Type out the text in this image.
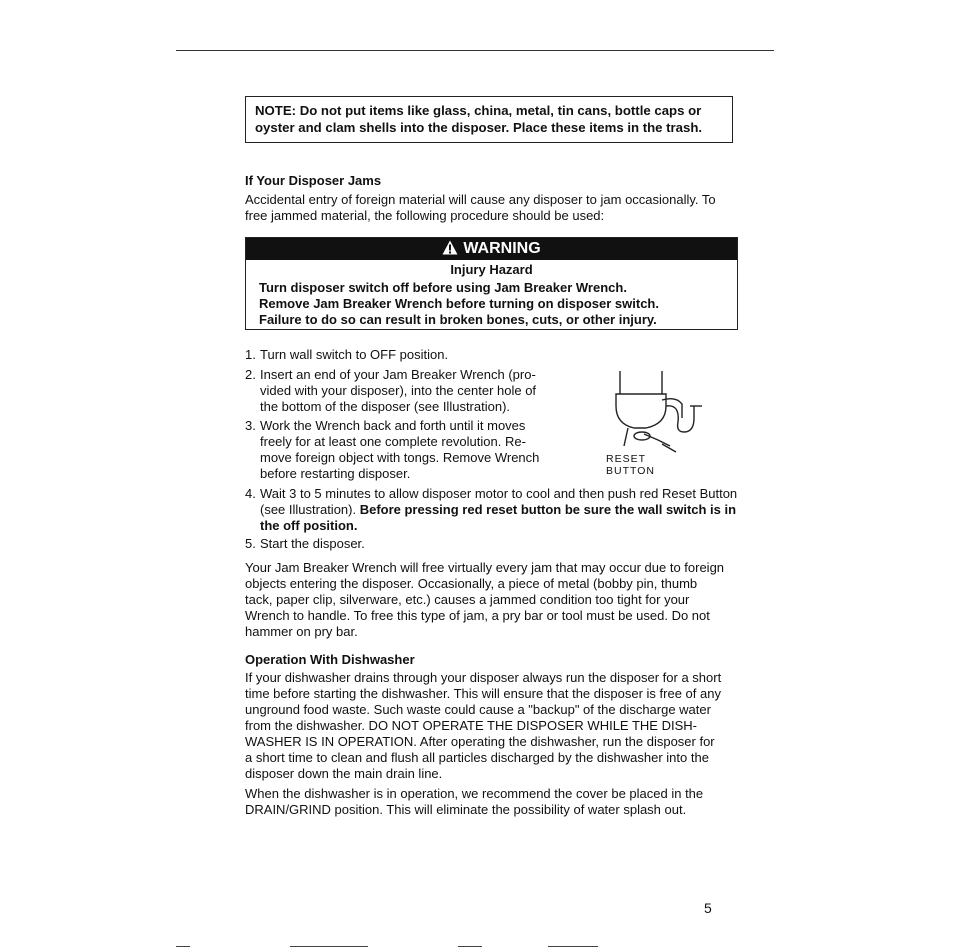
NOTE: Do not put items like glass, china, metal, tin cans, bottle caps or
oyster and clam shells into the disposer. Place these items in the trash.
If Your Disposer Jams
Accidental entry of foreign material will cause any disposer to jam occasionally. To
free jammed material, the following procedure should be used:
WARNING
Injury Hazard
Turn disposer switch off before using Jam Breaker Wrench.
Remove Jam Breaker Wrench before turning on disposer switch.
Failure to do so can result in broken bones, cuts, or other injury.
1. Turn wall switch to OFF position.
2. Insert an end of your Jam Breaker Wrench (pro-
vided with your disposer), into the center hole of
the bottom of the disposer (see Illustration).
3. Work the Wrench back and forth until it moves
freely for at least one complete revolution. Re-
move foreign object with tongs. Remove Wrench
before restarting disposer.
RESET
BUTTON
4. Wait 3 to 5 minutes to allow disposer motor to cool and then push red Reset Button
(see Illustration). Before pressing red reset button be sure the wall switch is in
the off position.
5. Start the disposer.
Your Jam Breaker Wrench will free virtually every jam that may occur due to foreign
objects entering the disposer. Occasionally, a piece of metal (bobby pin, thumb
tack, paper clip, silverware, etc.) causes a jammed condition too tight for your
Wrench to handle. To free this type of jam, a pry bar or tool must be used. Do not
hammer on pry bar.
Operation With Dishwasher
If your dishwasher drains through your disposer always run the disposer for a short
time before starting the dishwasher. This will ensure that the disposer is free of any
unground food waste. Such waste could cause a "backup" of the discharge water
from the dishwasher. DO NOT OPERATE THE DISPOSER WHILE THE DISH-
WASHER IS IN OPERATION. After operating the dishwasher, run the disposer for
a short time to clean and flush all particles discharged by the dishwasher into the
disposer down the main drain line.
When the dishwasher is in operation, we recommend the cover be placed in the
DRAIN/GRIND position. This will eliminate the possibility of water splash out.
5
